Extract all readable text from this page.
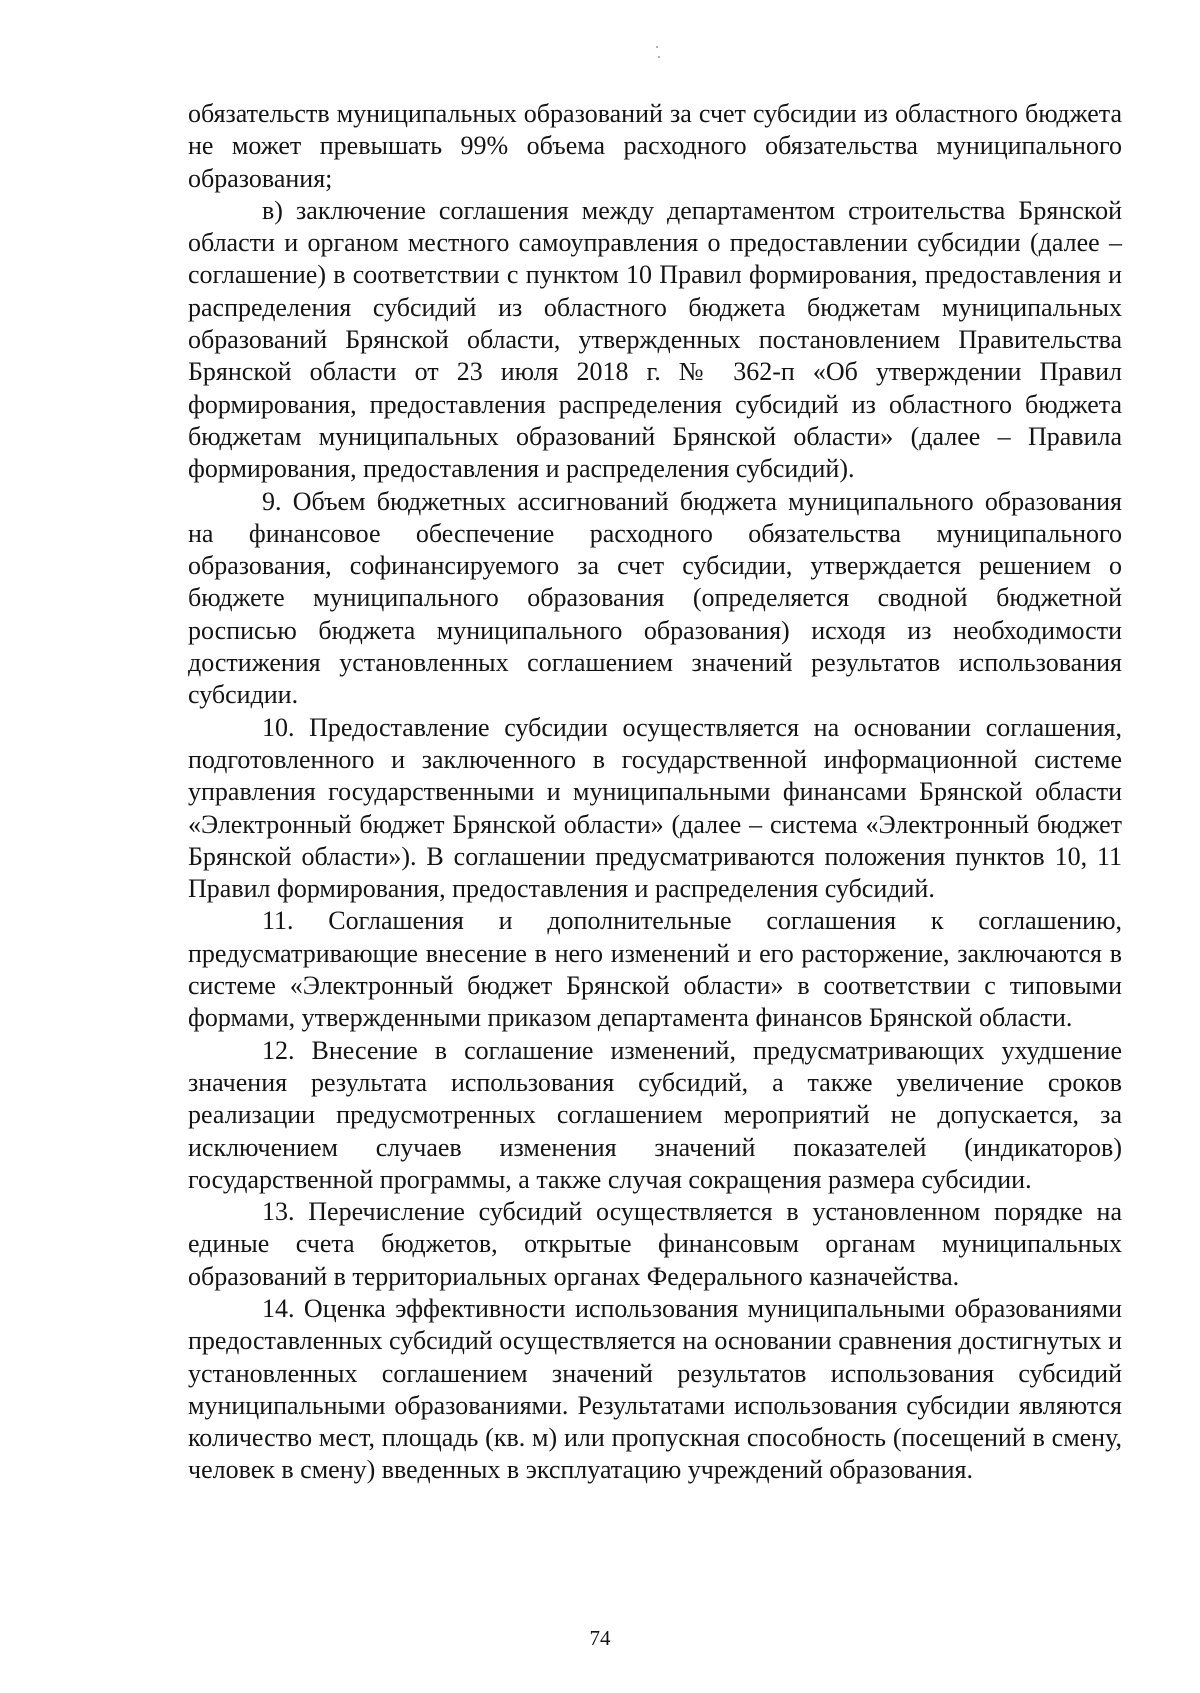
обязательств муниципальных образований за счет субсидии из областного бюджета не может превышать 99% объема расходного обязательства муниципального образования;

в) заключение соглашения между департаментом строительства Брянской области и органом местного самоуправления о предоставлении субсидии (далее – соглашение) в соответствии с пунктом 10 Правил формирования, предоставления и распределения субсидий из областного бюджета бюджетам муниципальных образований Брянской области, утвержденных постановлением Правительства Брянской области от 23 июля 2018 г. № 362-п «Об утверждении Правил формирования, предоставления распределения субсидий из областного бюджета бюджетам муниципальных образований Брянской области» (далее – Правила формирования, предоставления и распределения субсидий).

9. Объем бюджетных ассигнований бюджета муниципального образования на финансовое обеспечение расходного обязательства муниципального образования, софинансируемого за счет субсидии, утверждается решением о бюджете муниципального образования (определяется сводной бюджетной росписью бюджета муниципального образования) исходя из необходимости достижения установленных соглашением значений результатов использования субсидии.

10. Предоставление субсидии осуществляется на основании соглашения, подготовленного и заключенного в государственной информационной системе управления государственными и муниципальными финансами Брянской области «Электронный бюджет Брянской области» (далее – система «Электронный бюджет Брянской области»). В соглашении предусматриваются положения пунктов 10, 11 Правил формирования, предоставления и распределения субсидий.

11. Соглашения и дополнительные соглашения к соглашению, предусматривающие внесение в него изменений и его расторжение, заключаются в системе «Электронный бюджет Брянской области» в соответствии с типовыми формами, утвержденными приказом департамента финансов Брянской области.

12. Внесение в соглашение изменений, предусматривающих ухудшение значения результата использования субсидий, а также увеличение сроков реализации предусмотренных соглашением мероприятий не допускается, за исключением случаев изменения значений показателей (индикаторов) государственной программы, а также случая сокращения размера субсидии.

13. Перечисление субсидий осуществляется в установленном порядке на единые счета бюджетов, открытые финансовым органам муниципальных образований в территориальных органах Федерального казначейства.

14. Оценка эффективности использования муниципальными образованиями предоставленных субсидий осуществляется на основании сравнения достигнутых и установленных соглашением значений результатов использования субсидий муниципальными образованиями. Результатами использования субсидии являются количество мест, площадь (кв. м) или пропускная способность (посещений в смену, человек в смену) введенных в эксплуатацию учреждений образования.

74
